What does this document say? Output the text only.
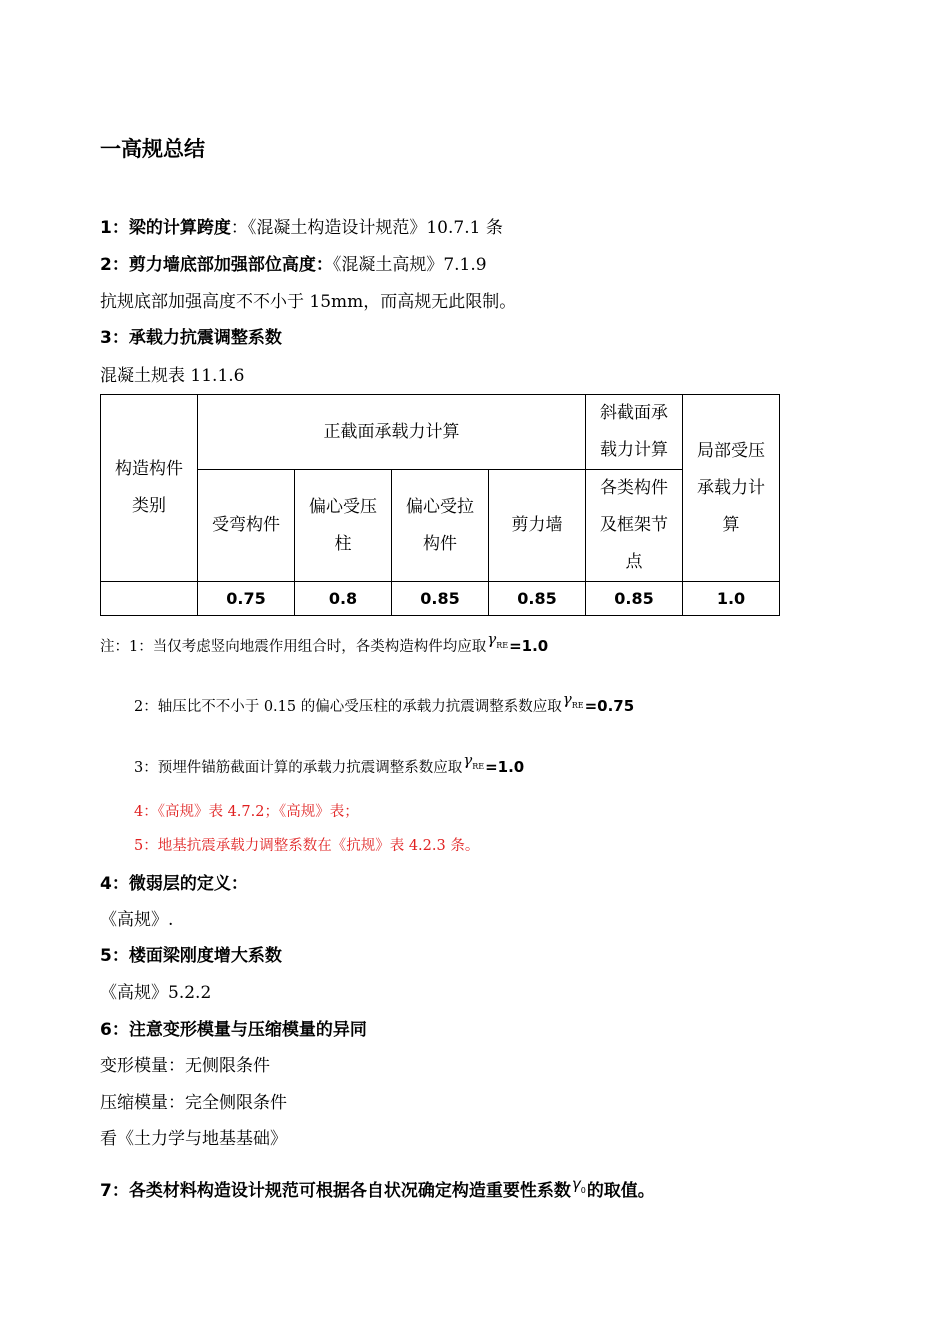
一高规总结
1：梁的计算跨度：《混凝土构造设计规范》10.7.1 条
2：剪力墙底部加强部位高度：《混凝土高规》7.1.9
抗规底部加强高度不不小于 15mm，而高规无此限制。
3：承载力抗震调整系数
混凝土规表 11.1.6
构造构件类别	正截面承载力计算				斜截面承载力计算	局部受压承载力计算
	受弯构件	偏心受压柱	偏心受拉构件	剪力墙	各类构件及框架节点	
	0.75	0.8	0.85	0.85	0.85	1.0
注：1：当仅考虑竖向地震作用组合时，各类构造构件均应取$\gamma_{RE}=1.0$
2：轴压比不不小于 0.15 的偏心受压柱的承载力抗震调整系数应取$\gamma_{RE}=0.75$
3：预埋件锚筋截面计算的承载力抗震调整系数应取$\gamma_{RE}=1.0$
4：《高规》表 4.7.2；《高规》表；
5：地基抗震承载力调整系数在《抗规》表 4.2.3 条。
4：微弱层的定义：
《高规》.
5：楼面梁刚度增大系数
《高规》5.2.2
6：注意变形模量与压缩模量的异同
变形模量：无侧限条件
压缩模量：完全侧限条件
看《土力学与地基基础》
7：各类材料构造设计规范可根据各自状况确定构造重要性系数$\gamma_0$的取值。
